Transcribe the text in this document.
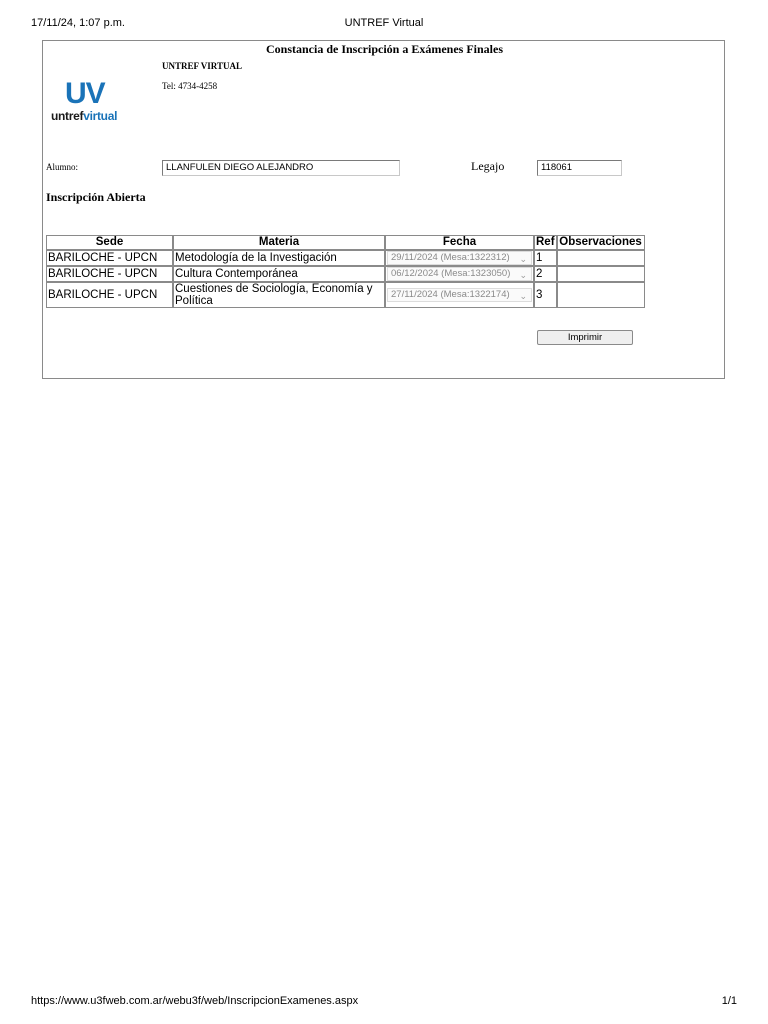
17/11/24, 1:07 p.m.	UNTREF Virtual
Constancia de Inscripción a Exámenes Finales
UV
untrefvirtual
UNTREF VIRTUAL
Tel: 4734-4258
Alumno:	LLANFULEN DIEGO ALEJANDRO	Legajo	118061
Inscripción Abierta
Sede	Materia	Fecha	Ref	Observaciones
BARILOCHE - UPCN	Metodología de la Investigación	29/11/2024 (Mesa:1322312) ⌄	1	
BARILOCHE - UPCN	Cultura Contemporánea	06/12/2024 (Mesa:1323050) ⌄	2	
BARILOCHE - UPCN	Cuestiones de Sociología, Economía y Política	27/11/2024 (Mesa:1322174) ⌄	3	
Imprimir
https://www.u3fweb.com.ar/webu3f/web/InscripcionExamenes.aspx	1/1
